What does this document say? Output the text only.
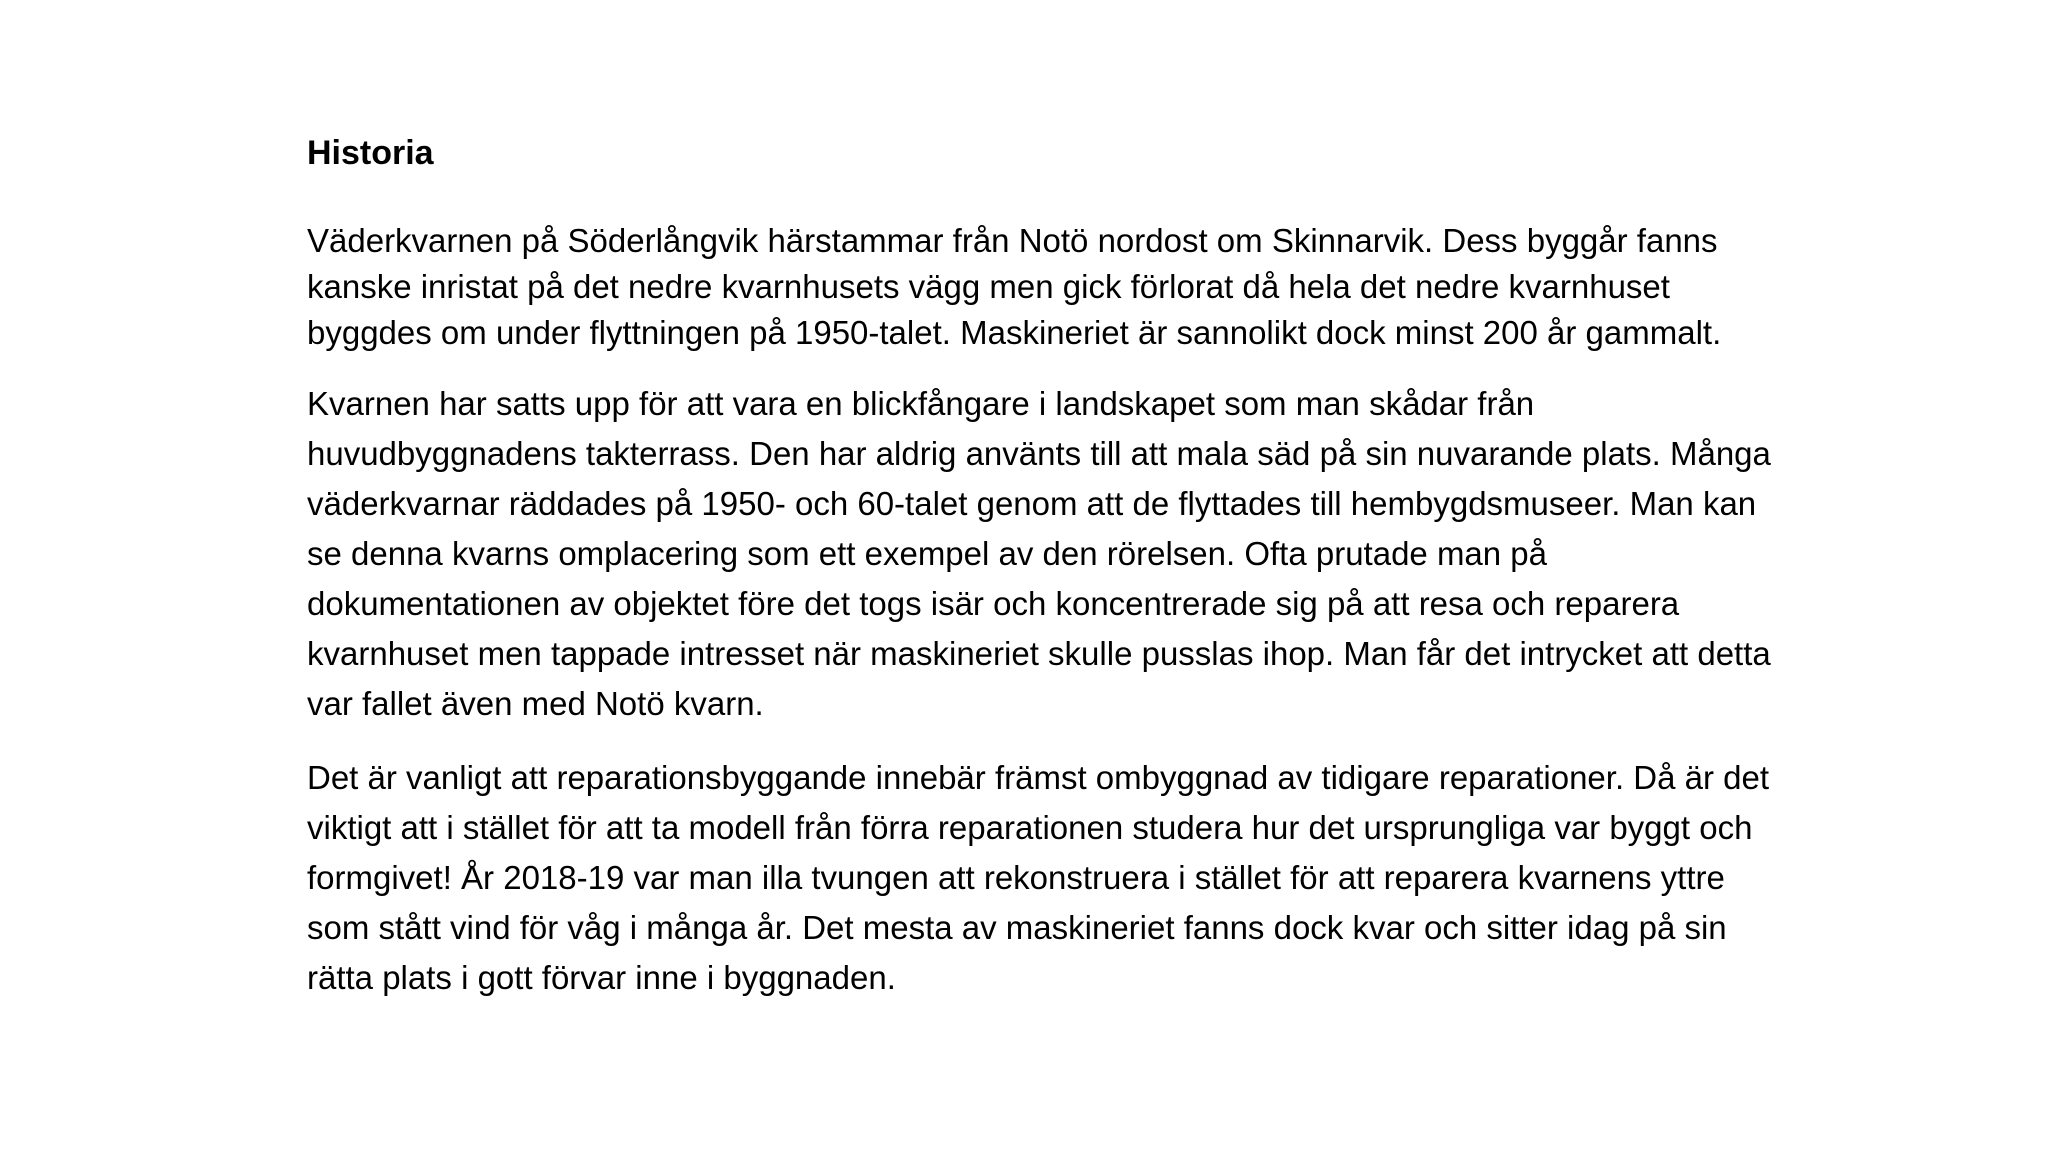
Historia

Väderkvarnen på Söderlångvik härstammar från Notö nordost om Skinnarvik. Dess byggår fanns
kanske inristat på det nedre kvarnhusets vägg men gick förlorat då hela det nedre kvarnhuset
byggdes om under flyttningen på 1950-talet. Maskineriet är sannolikt dock minst 200 år gammalt.

Kvarnen har satts upp för att vara en blickfångare i landskapet som man skådar från
huvudbyggnadens takterrass. Den har aldrig använts till att mala säd på sin nuvarande plats. Många
väderkvarnar räddades på 1950- och 60-talet genom att de flyttades till hembygdsmuseer. Man kan
se denna kvarns omplacering som ett exempel av den rörelsen. Ofta prutade man på
dokumentationen av objektet före det togs isär och koncentrerade sig på att resa och reparera
kvarnhuset men tappade intresset när maskineriet skulle pusslas ihop. Man får det intrycket att detta
var fallet även med Notö kvarn.

Det är vanligt att reparationsbyggande innebär främst ombyggnad av tidigare reparationer. Då är det
viktigt att i stället för att ta modell från förra reparationen studera hur det ursprungliga var byggt och
formgivet! År 2018-19 var man illa tvungen att rekonstruera i stället för att reparera kvarnens yttre
som stått vind för våg i många år. Det mesta av maskineriet fanns dock kvar och sitter idag på sin
rätta plats i gott förvar inne i byggnaden.
